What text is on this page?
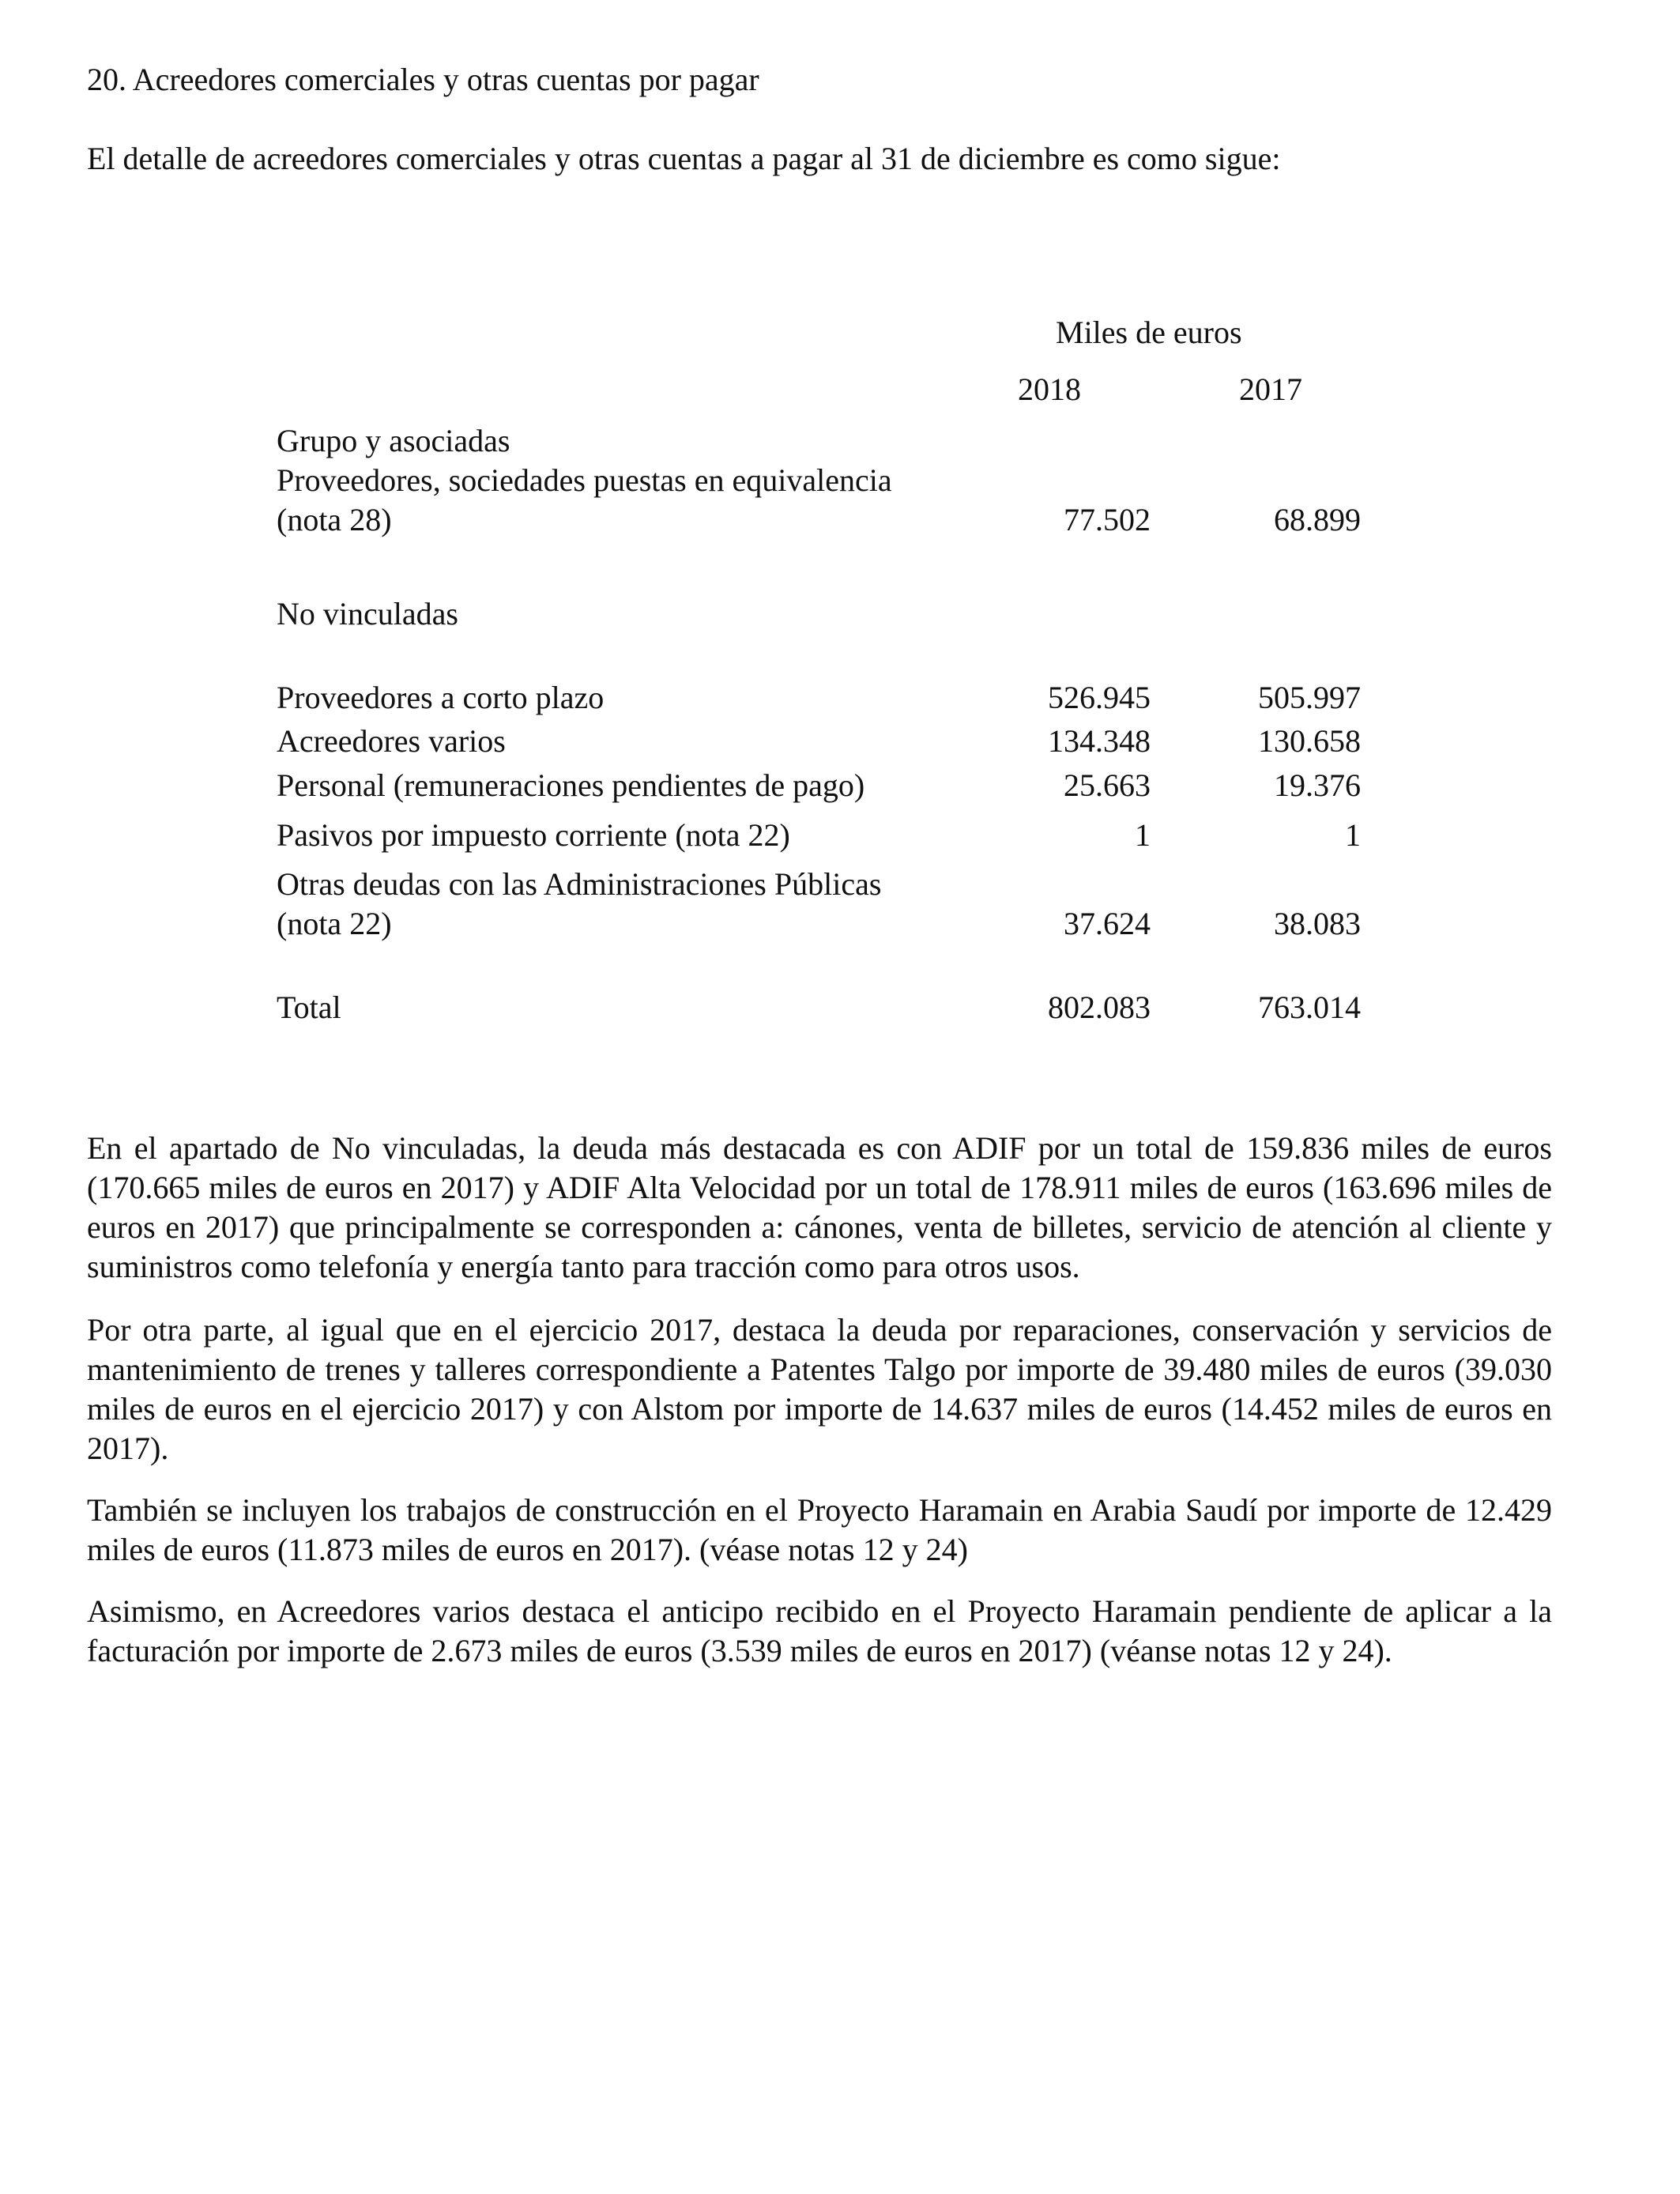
20. Acreedores comerciales y otras cuentas por pagar

El detalle de acreedores comerciales y otras cuentas a pagar al 31 de diciembre es como sigue:

Miles de euros
2018	2017
Grupo y asociadas
Proveedores, sociedades puestas en equivalencia
(nota 28)	77.502	68.899
No vinculadas
Proveedores a corto plazo	526.945	505.997
Acreedores varios	134.348	130.658
Personal (remuneraciones pendientes de pago)	25.663	19.376
Pasivos por impuesto corriente (nota 22)	1	1
Otras deudas con las Administraciones Públicas
(nota 22)	37.624	38.083
Total	802.083	763.014

En el apartado de No vinculadas, la deuda más destacada es con ADIF por un total de 159.836 miles de euros (170.665 miles de euros en 2017) y ADIF Alta Velocidad por un total de 178.911 miles de euros (163.696 miles de euros en 2017) que principalmente se corresponden a: cánones, venta de billetes, servicio de atención al cliente y suministros como telefonía y energía tanto para tracción como para otros usos.

Por otra parte, al igual que en el ejercicio 2017, destaca la deuda por reparaciones, conservación y servicios de mantenimiento de trenes y talleres correspondiente a Patentes Talgo por importe de 39.480 miles de euros (39.030 miles de euros en el ejercicio 2017) y con Alstom por importe de 14.637 miles de euros (14.452 miles de euros en 2017).

También se incluyen los trabajos de construcción en el Proyecto Haramain en Arabia Saudí por importe de 12.429 miles de euros (11.873 miles de euros en 2017). (véase notas 12 y 24)

Asimismo, en Acreedores varios destaca el anticipo recibido en el Proyecto Haramain pendiente de aplicar a la facturación por importe de 2.673 miles de euros (3.539 miles de euros en 2017) (véanse notas 12 y 24).
